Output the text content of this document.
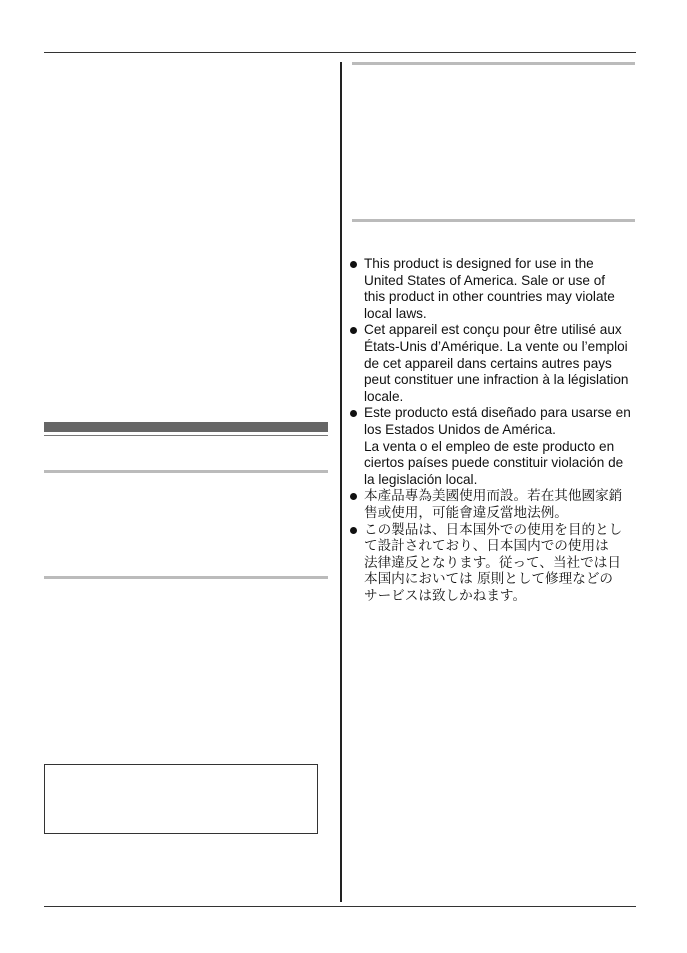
This product is designed for use in the
United States of America. Sale or use of
this product in other countries may violate
local laws.
Cet appareil est conçu pour être utilisé aux
États-Unis d’Amérique. La vente ou l’emploi
de cet appareil dans certains autres pays
peut constituer une infraction à la législation
locale.
Este producto está diseñado para usarse en
los Estados Unidos de América.
La venta o el empleo de este producto en
ciertos países puede constituir violación de
la legislación local.
本產品專為美國使用而設。若在其他國家銷
售或使用，可能會違反當地法例。
この製品は、日本国外での使用を目的とし
て設計されており、日本国内での使用は
法律違反となります。従って、当社では日
本国内においては 原則として修理などの
サービスは致しかねます。
